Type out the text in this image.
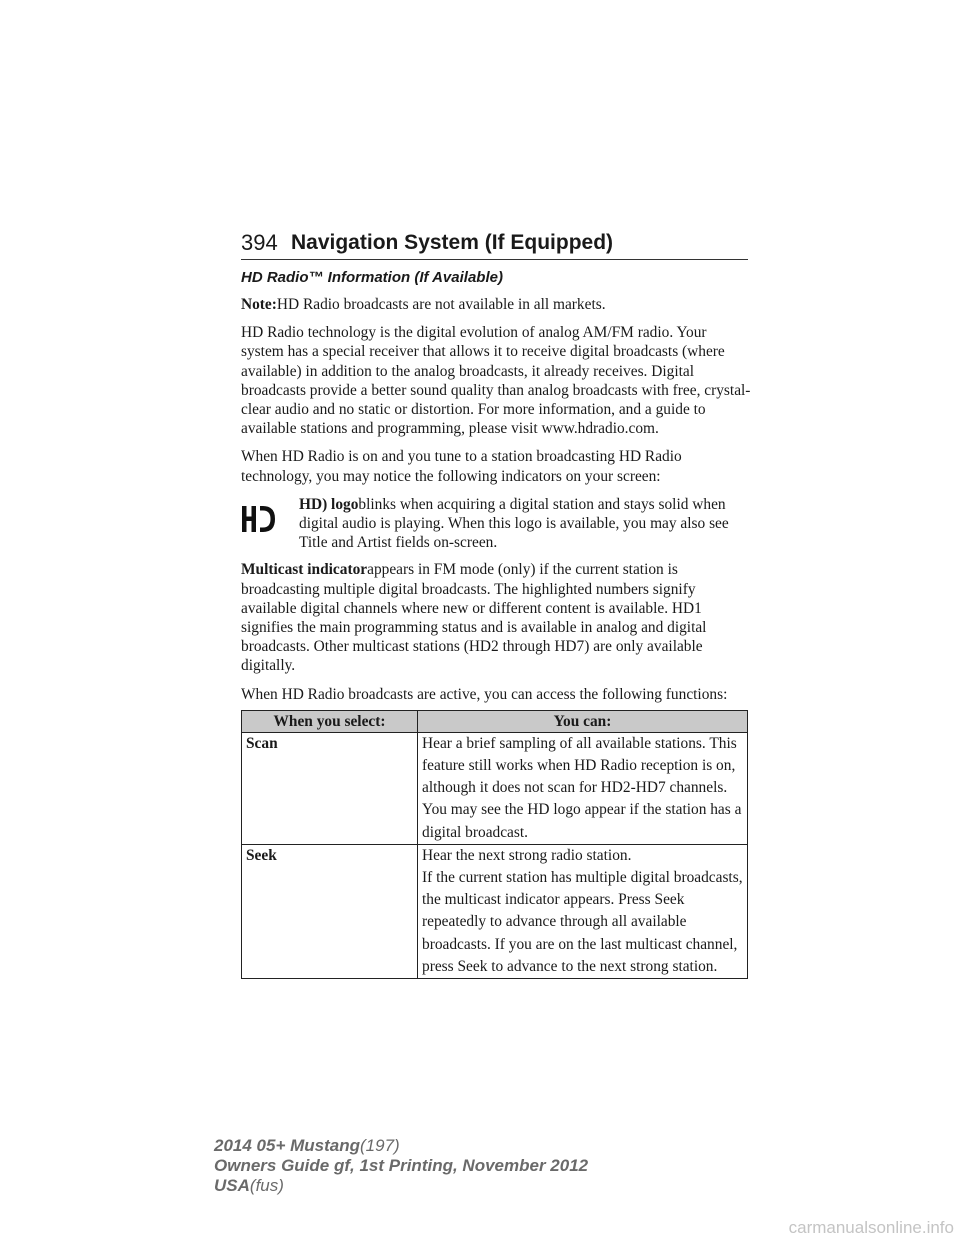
394 Navigation System (If Equipped)
HD Radio™ Information (If Available)

Note:HD Radio broadcasts are not available in all markets.

HD Radio technology is the digital evolution of analog AM/FM radio. Your system has a special receiver that allows it to receive digital broadcasts (where available) in addition to the analog broadcasts, it already receives. Digital broadcasts provide a better sound quality than analog broadcasts with free, crystal-clear audio and no static or distortion. For more information, and a guide to available stations and programming, please visit www.hdradio.com.

When HD Radio is on and you tune to a station broadcasting HD Radio technology, you may notice the following indicators on your screen:

HD) logoblinks when acquiring a digital station and stays solid when digital audio is playing. When this logo is available, you may also see Title and Artist fields on-screen.

Multicast indicatorappears in FM mode (only) if the current station is broadcasting multiple digital broadcasts. The highlighted numbers signify available digital channels where new or different content is available. HD1 signifies the main programming status and is available in analog and digital broadcasts. Other multicast stations (HD2 through HD7) are only available digitally.

When HD Radio broadcasts are active, you can access the following functions:

When you select:	You can:
Scan	Hear a brief sampling of all available stations. This feature still works when HD Radio reception is on, although it does not scan for HD2-HD7 channels. You may see the HD logo appear if the station has a digital broadcast.
Seek	Hear the next strong radio station.
If the current station has multiple digital broadcasts, the multicast indicator appears. Press Seek repeatedly to advance through all available broadcasts. If you are on the last multicast channel, press Seek to advance to the next strong station.
2014 05+ Mustang(197)
Owners Guide gf, 1st Printing, November 2012
USA(fus)
carmanualsonline.info
